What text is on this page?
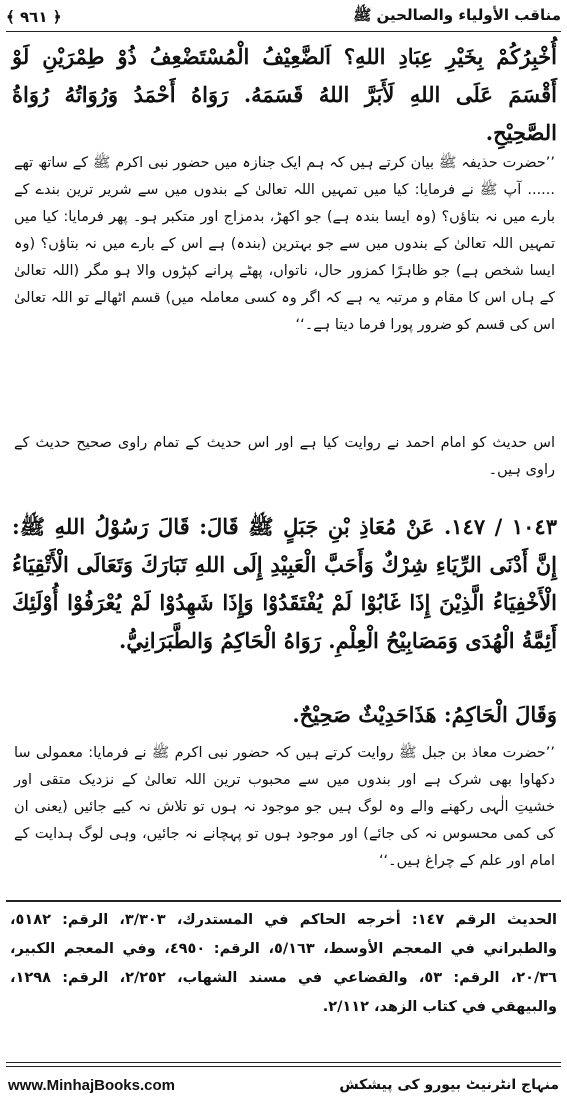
﴿ ٩٦١ ﴾	مناقب الأولياء والصالحين ﷺ
أُخْبِرُكُمْ بِخَيْرِ عِبَادِ اللهِ؟ اَلضَّعِيْفُ الْمُسْتَضْعِفُ ذُوْ طِمْرَيْنِ لَوْ أَقْسَمَ عَلَى اللهِ لَأَبَرَّ اللهُ قَسَمَهُ. رَوَاهُ أَحْمَدُ وَرُوَاتُهُ رُوَاةُ الصَّحِيْحِ.
’’حضرت حذیفہ ﷺ بیان کرتے ہیں کہ ہم ایک جنازہ میں حضور نبی اکرم ﷺ کے ساتھ تھے ...... آپ ﷺ نے فرمایا: کیا میں تمہیں اللہ تعالیٰ کے بندوں میں سے شریر ترین بندے کے بارے میں نہ بتاؤں؟ (وہ ایسا بندہ ہے) جو اکھڑ، بدمزاج اور متکبر ہو۔ پھر فرمایا: کیا میں تمہیں اللہ تعالیٰ کے بندوں میں سے جو بہترین (بندہ) ہے اس کے بارے میں نہ بتاؤں؟ (وہ ایسا شخص ہے) جو ظاہرًا کمزور حال، ناتواں، پھٹے پرانے کپڑوں والا ہو مگر (اللہ تعالیٰ کے ہاں اس کا مقام و مرتبہ یہ ہے کہ اگر وہ کسی معاملہ میں) قسم اٹھالے تو اللہ تعالیٰ اس کی قسم کو ضرور پورا فرما دیتا ہے۔‘‘
اس حدیث کو امام احمد نے روایت کیا ہے اور اس حدیث کے تمام راوی صحیح حدیث کے راوی ہیں۔
١٠٤٣ / ١٤٧. عَنْ مُعَاذِ بْنِ جَبَلٍ ﷺ قَالَ: قَالَ رَسُوْلُ اللهِ ﷺ: إِنَّ أَدْنَى الرِّيَاءِ شِرْكٌ وَأَحَبَّ الْعَبِيْدِ إِلَى اللهِ تَبَارَكَ وَتَعَالَى الْأَتْقِيَاءُ الْأَخْفِيَاءُ الَّذِيْنَ إِذَا غَابُوْا لَمْ يُفْتَقَدُوْا وَإِذَا شَهِدُوْا لَمْ يُعْرَفُوْا أُوْلَئِكَ أَئِمَّةُ الْهُدَى وَمَصَابِيْحُ الْعِلْمِ. رَوَاهُ الْحَاكِمُ وَالطَّبَرَانِيُّ.
وَقَالَ الْحَاكِمُ: هَذَاحَدِيْثٌ صَحِيْحٌ.
’’حضرت معاذ بن جبل ﷺ روایت کرتے ہیں کہ حضور نبی اکرم ﷺ نے فرمایا: معمولی سا دکھاوا بھی شرک ہے اور بندوں میں سے محبوب ترین اللہ تعالیٰ کے نزدیک متقی اور خشیتِ الٰہی رکھنے والے وہ لوگ ہیں جو موجود نہ ہوں تو تلاش نہ کیے جائیں (یعنی ان کی کمی محسوس نہ کی جائے) اور موجود ہوں تو پہچانے نہ جائیں، وہی لوگ ہدایت کے امام اور علم کے چراغ ہیں۔‘‘
الحديث الرقم ١٤٧: أخرجه الحاكم في المستدرك، ٣/٣٠٣، الرقم: ٥١٨٢، والطبراني في المعجم الأوسط، ٥/١٦٣، الرقم: ٤٩٥٠، وفي المعجم الكبير، ٢٠/٣٦، الرقم: ٥٣، والقضاعي في مسند الشهاب، ٢/٢٥٢، الرقم: ١٢٩٨، والبيهقي في كتاب الزهد، ٢/١١٢.
www.MinhajBooks.com	منہاج انٹرنیٹ بیورو کی پیشکش
